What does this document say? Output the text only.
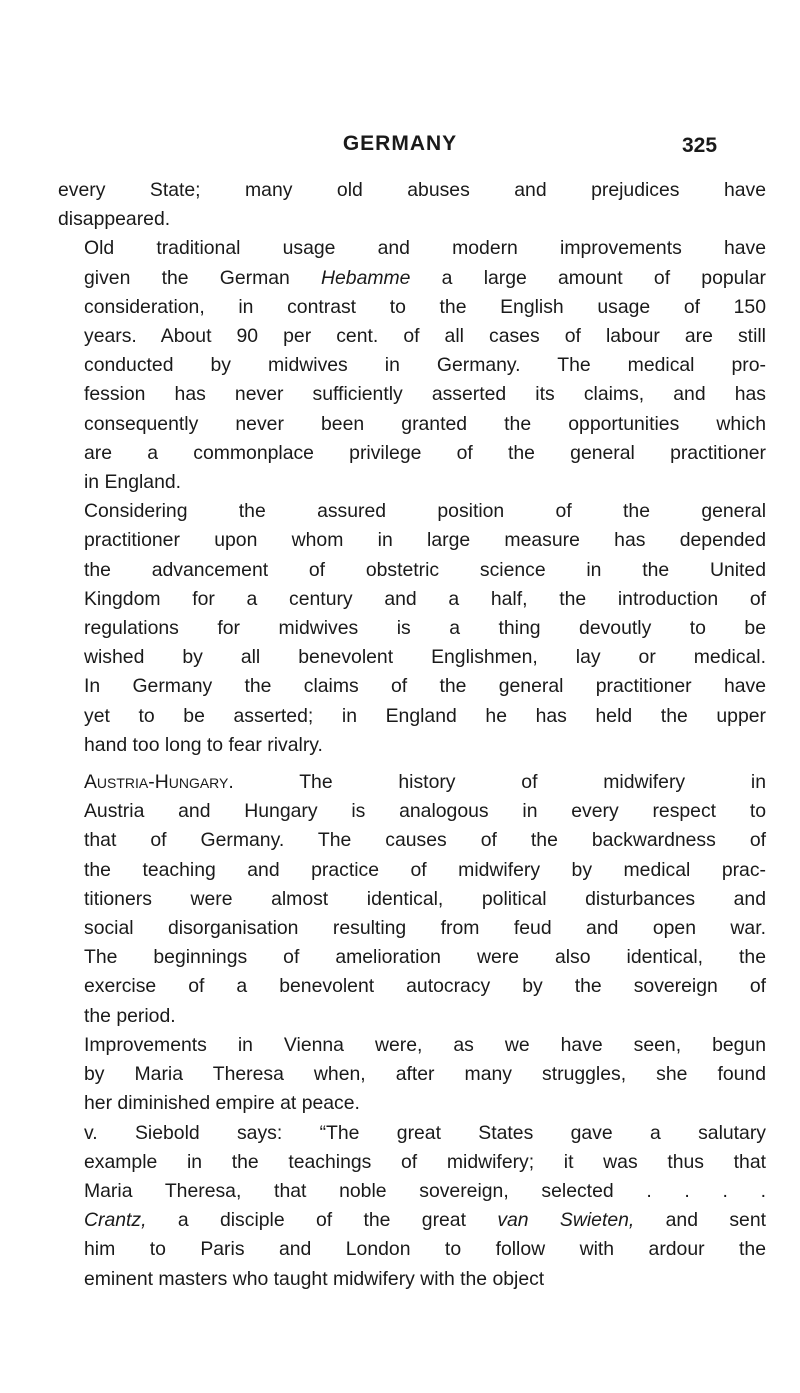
GERMANY	325
every State; many old abuses and prejudices have
disappeared.
Old traditional usage and modern improvements have
given the German Hebamme a large amount of popular
consideration, in contrast to the English usage of 150
years. About 90 per cent. of all cases of labour are still
conducted by midwives in Germany. The medical pro-
fession has never sufficiently asserted its claims, and has
consequently never been granted the opportunities which
are a commonplace privilege of the general practitioner
in England.
Considering the assured position of the general
practitioner upon whom in large measure has depended
the advancement of obstetric science in the United
Kingdom for a century and a half, the introduction of
regulations for midwives is a thing devoutly to be
wished by all benevolent Englishmen, lay or medical.
In Germany the claims of the general practitioner have
yet to be asserted; in England he has held the upper
hand too long to fear rivalry.
Austria-Hungary. The history of midwifery in
Austria and Hungary is analogous in every respect to
that of Germany. The causes of the backwardness of
the teaching and practice of midwifery by medical prac-
titioners were almost identical, political disturbances and
social disorganisation resulting from feud and open war.
The beginnings of amelioration were also identical, the
exercise of a benevolent autocracy by the sovereign of
the period.
Improvements in Vienna were, as we have seen, begun
by Maria Theresa when, after many struggles, she found
her diminished empire at peace.
v. Siebold says: “The great States gave a salutary
example in the teachings of midwifery; it was thus that
Maria Theresa, that noble sovereign, selected . . . .
Crantz, a disciple of the great van Swieten, and sent
him to Paris and London to follow with ardour the
eminent masters who taught midwifery with the object
